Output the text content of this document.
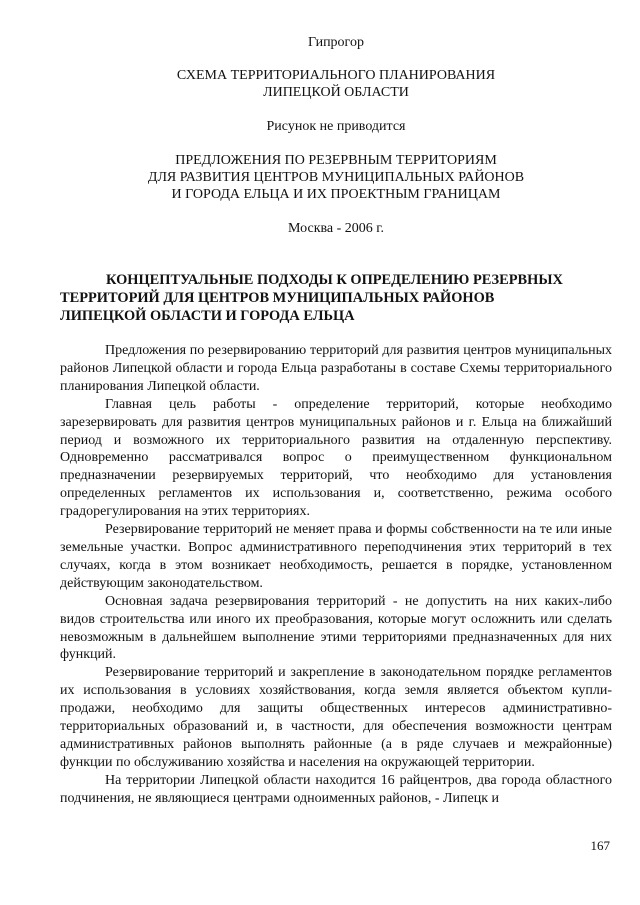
Гипрогор
СХЕМА ТЕРРИТОРИАЛЬНОГО ПЛАНИРОВАНИЯ
ЛИПЕЦКОЙ ОБЛАСТИ
Рисунок не приводится
ПРЕДЛОЖЕНИЯ ПО РЕЗЕРВНЫМ ТЕРРИТОРИЯМ
ДЛЯ РАЗВИТИЯ ЦЕНТРОВ МУНИЦИПАЛЬНЫХ РАЙОНОВ
И ГОРОДА ЕЛЬЦА И ИХ ПРОЕКТНЫМ ГРАНИЦАМ
Москва - 2006 г.
КОНЦЕПТУАЛЬНЫЕ ПОДХОДЫ К ОПРЕДЕЛЕНИЮ РЕЗЕРВНЫХ
ТЕРРИТОРИЙ ДЛЯ ЦЕНТРОВ МУНИЦИПАЛЬНЫХ РАЙОНОВ
ЛИПЕЦКОЙ ОБЛАСТИ И ГОРОДА ЕЛЬЦА

Предложения по резервированию территорий для развития центров муниципальных районов Липецкой области и города Ельца разработаны в составе Схемы территориального планирования Липецкой области.

Главная цель работы - определение территорий, которые необходимо зарезервировать для развития центров муниципальных районов и г. Ельца на ближайший период и возможного их территориального развития на отдаленную перспективу. Одновременно рассматривался вопрос о преимущественном функциональном предназначении резервируемых территорий, что необходимо для установления определенных регламентов их использования и, соответственно, режима особого градорегулирования на этих территориях.

Резервирование территорий не меняет права и формы собственности на те или иные земельные участки. Вопрос административного переподчинения этих территорий в тех случаях, когда в этом возникает необходимость, решается в порядке, установленном действующим законодательством.

Основная задача резервирования территорий - не допустить на них каких-либо видов строительства или иного их преобразования, которые могут осложнить или сделать невозможным в дальнейшем выполнение этими территориями предназначенных для них функций.

Резервирование территорий и закрепление в законодательном порядке регламентов их использования в условиях хозяйствования, когда земля является объектом купли-продажи, необходимо для защиты общественных интересов административно-территориальных образований и, в частности, для обеспечения возможности центрам административных районов выполнять районные (а в ряде случаев и межрайонные) функции по обслуживанию хозяйства и населения на окружающей территории.

На территории Липецкой области находится 16 райцентров, два города областного подчинения, не являющиеся центрами одноименных районов, - Липецк и

167
